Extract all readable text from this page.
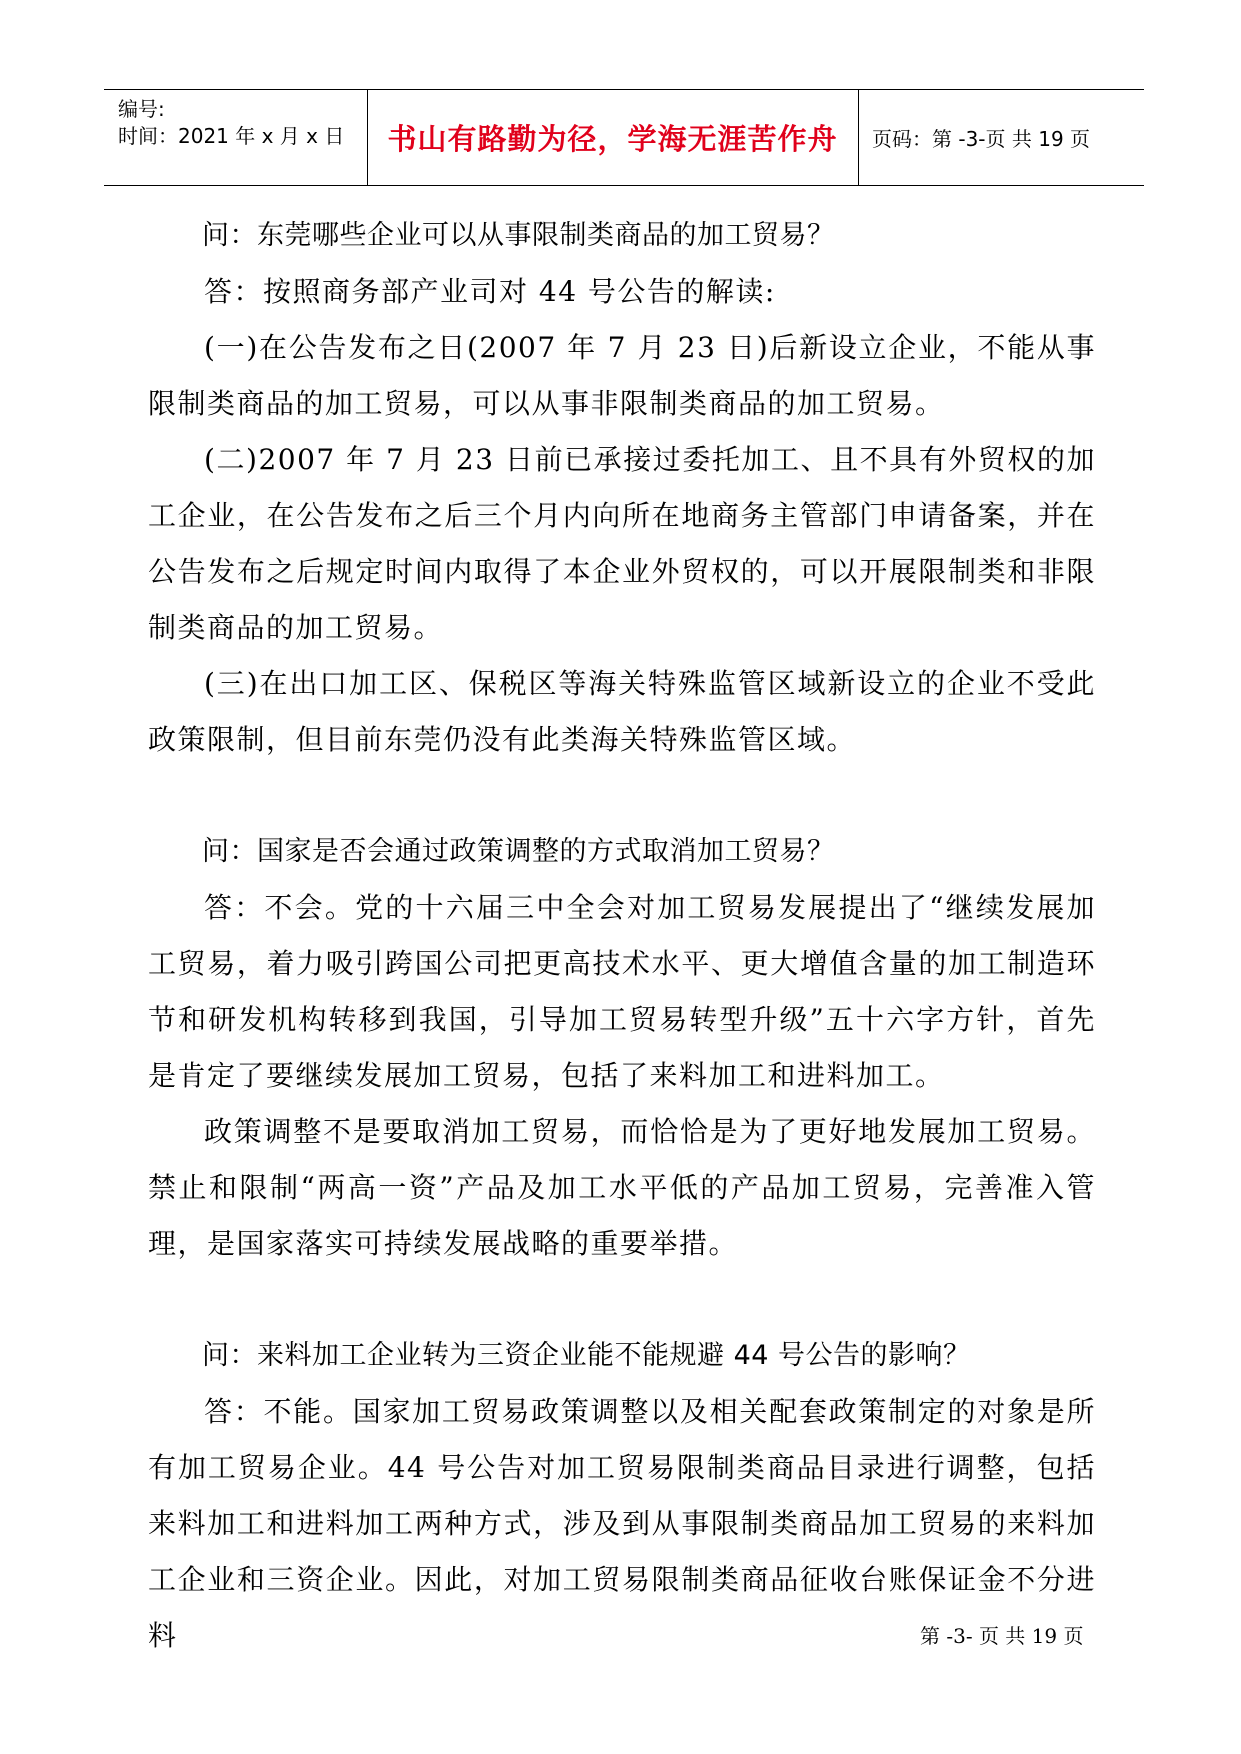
编号:
时间：2021 年 x 月 x 日	书山有路勤为径，学海无涯苦作舟	页码：第 -3-页 共 19 页

问：东莞哪些企业可以从事限制类商品的加工贸易？

答：按照商务部产业司对 44 号公告的解读:

(一)在公告发布之日(2007 年 7 月 23 日)后新设立企业，不能从事限制类商品的加工贸易，可以从事非限制类商品的加工贸易。

(二)2007 年 7 月 23 日前已承接过委托加工、且不具有外贸权的加工企业，在公告发布之后三个月内向所在地商务主管部门申请备案，并在公告发布之后规定时间内取得了本企业外贸权的，可以开展限制类和非限制类商品的加工贸易。

(三)在出口加工区、保税区等海关特殊监管区域新设立的企业不受此政策限制，但目前东莞仍没有此类海关特殊监管区域。

问：国家是否会通过政策调整的方式取消加工贸易？

答：不会。党的十六届三中全会对加工贸易发展提出了“继续发展加工贸易，着力吸引跨国公司把更高技术水平、更大增值含量的加工制造环节和研发机构转移到我国，引导加工贸易转型升级”五十六字方针，首先是肯定了要继续发展加工贸易，包括了来料加工和进料加工。

政策调整不是要取消加工贸易，而恰恰是为了更好地发展加工贸易。禁止和限制“两高一资”产品及加工水平低的产品加工贸易，完善准入管理，是国家落实可持续发展战略的重要举措。

问：来料加工企业转为三资企业能不能规避 44 号公告的影响？

答：不能。国家加工贸易政策调整以及相关配套政策制定的对象是所有加工贸易企业。44 号公告对加工贸易限制类商品目录进行调整，包括来料加工和进料加工两种方式，涉及到从事限制类商品加工贸易的来料加工企业和三资企业。因此，对加工贸易限制类商品征收台账保证金不分进料	第 -3- 页 共 19 页
